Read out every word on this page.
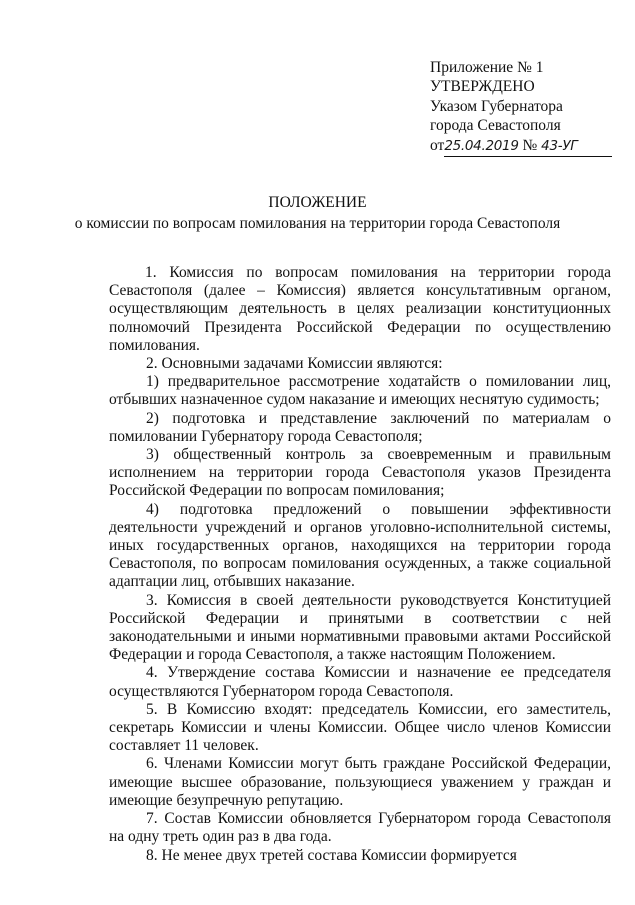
Приложение № 1
УТВЕРЖДЕНО
Указом Губернатора
города Севастополя
от25.04.2019 № 43-УГ
ПОЛОЖЕНИЕ
о комиссии по вопросам помилования на территории города Севастополя

1. Комиссия по вопросам помилования на территории города Севастополя (далее – Комиссия) является консультативным органом, осуществляющим деятельность в целях реализации конституционных полномочий Президента Российской Федерации по осуществлению помилования.

2. Основными задачами Комиссии являются:

1) предварительное рассмотрение ходатайств о помиловании лиц, отбывших назначенное судом наказание и имеющих неснятую судимость;

2) подготовка и представление заключений по материалам о помиловании Губернатору города Севастополя;

3) общественный контроль за своевременным и правильным исполнением на территории города Севастополя указов Президента Российской Федерации по вопросам помилования;

4) подготовка предложений о повышении эффективности деятельности учреждений и органов уголовно-исполнительной системы, иных государственных органов, находящихся на территории города Севастополя, по вопросам помилования осужденных, а также социальной адаптации лиц, отбывших наказание.

3. Комиссия в своей деятельности руководствуется Конституцией Российской Федерации и принятыми в соответствии с ней законодательными и иными нормативными правовыми актами Российской Федерации и города Севастополя, а также настоящим Положением.

4. Утверждение состава Комиссии и назначение ее председателя осуществляются Губернатором города Севастополя.

5. В Комиссию входят: председатель Комиссии, его заместитель, секретарь Комиссии и члены Комиссии. Общее число членов Комиссии составляет 11 человек.

6. Членами Комиссии могут быть граждане Российской Федерации, имеющие высшее образование, пользующиеся уважением у граждан и имеющие безупречную репутацию.

7. Состав Комиссии обновляется Губернатором города Севастополя на одну треть один раз в два года.

8. Не менее двух третей состава Комиссии формируется
